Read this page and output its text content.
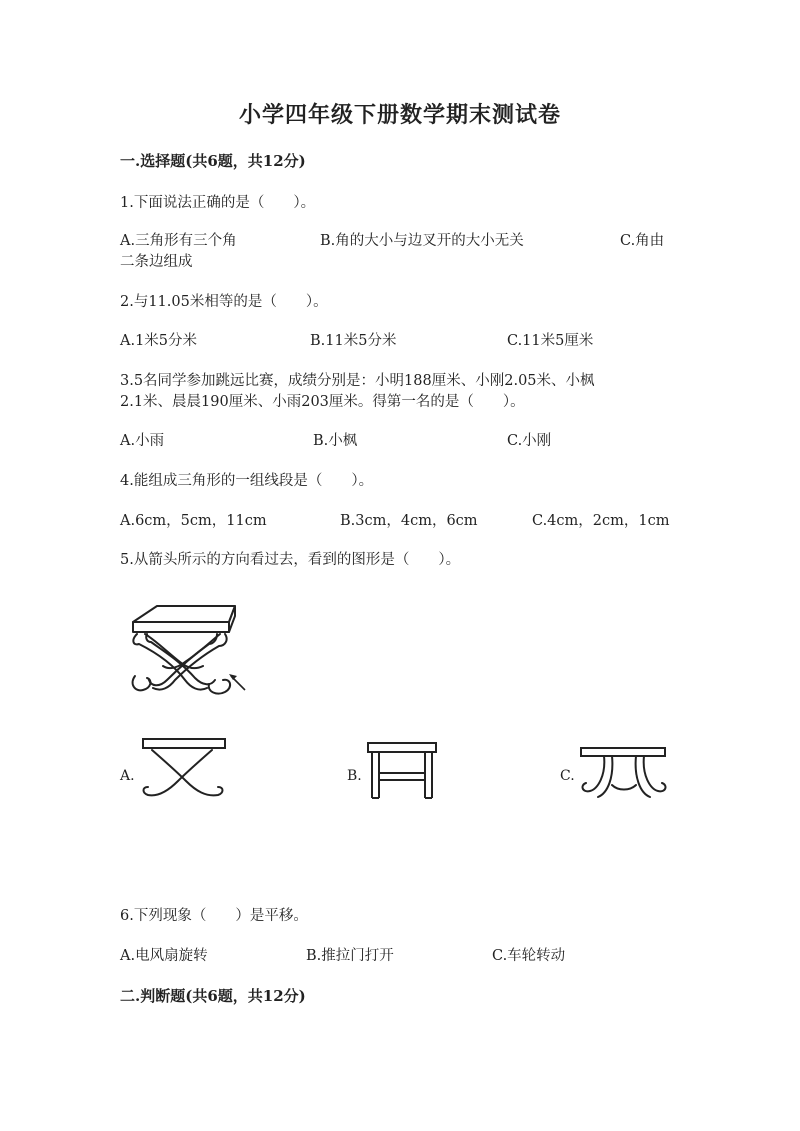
小学四年级下册数学期末测试卷
一.选择题(共6题，共12分)
1.下面说法正确的是（　　）。
A.三角形有三个角	B.角的大小与边叉开的大小无关	C.角由
二条边组成
2.与11.05米相等的是（　　）。
A.1米5分米	B.11米5分米	C.11米5厘米
3.5名同学参加跳远比赛，成绩分别是：小明188厘米、小刚2.05米、小枫
2.1米、晨晨190厘米、小雨203厘米。得第一名的是（　　）。
A.小雨	B.小枫	C.小刚
4.能组成三角形的一组线段是（　　）。
A.6cm，5cm，11cm	B.3cm，4cm，6cm	C.4cm，2cm，1cm
5.从箭头所示的方向看过去，看到的图形是（　　）。
A.	B.	C.
6.下列现象（　　）是平移。
A.电风扇旋转	B.推拉门打开	C.车轮转动
二.判断题(共6题，共12分)
